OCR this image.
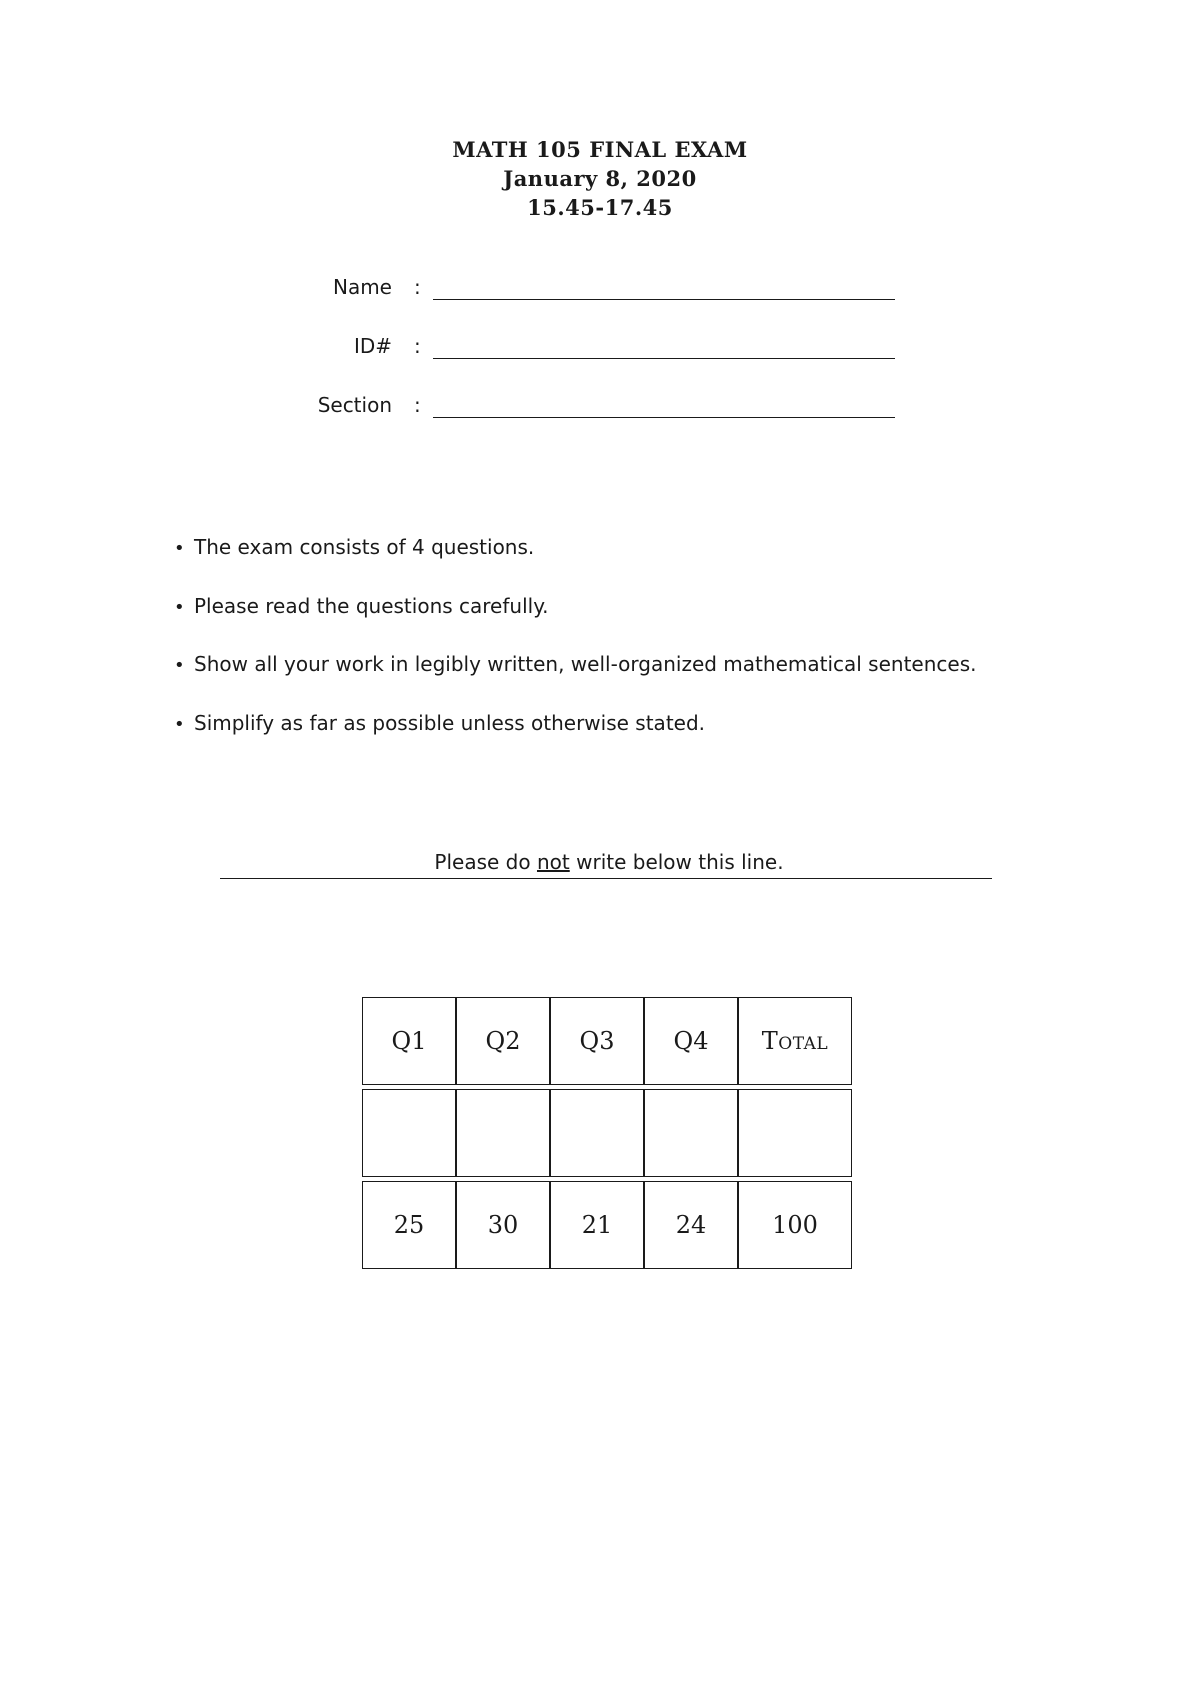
MATH 105 FINAL EXAM
January 8, 2020
15.45-17.45
Name :
ID# :
Section :
• The exam consists of 4 questions.
• Please read the questions carefully.
• Show all your work in legibly written, well-organized mathematical sentences.
• Simplify as far as possible unless otherwise stated.
Please do not write below this line.
Q1	Q2	Q3	Q4	Total

25	30	21	24	100
